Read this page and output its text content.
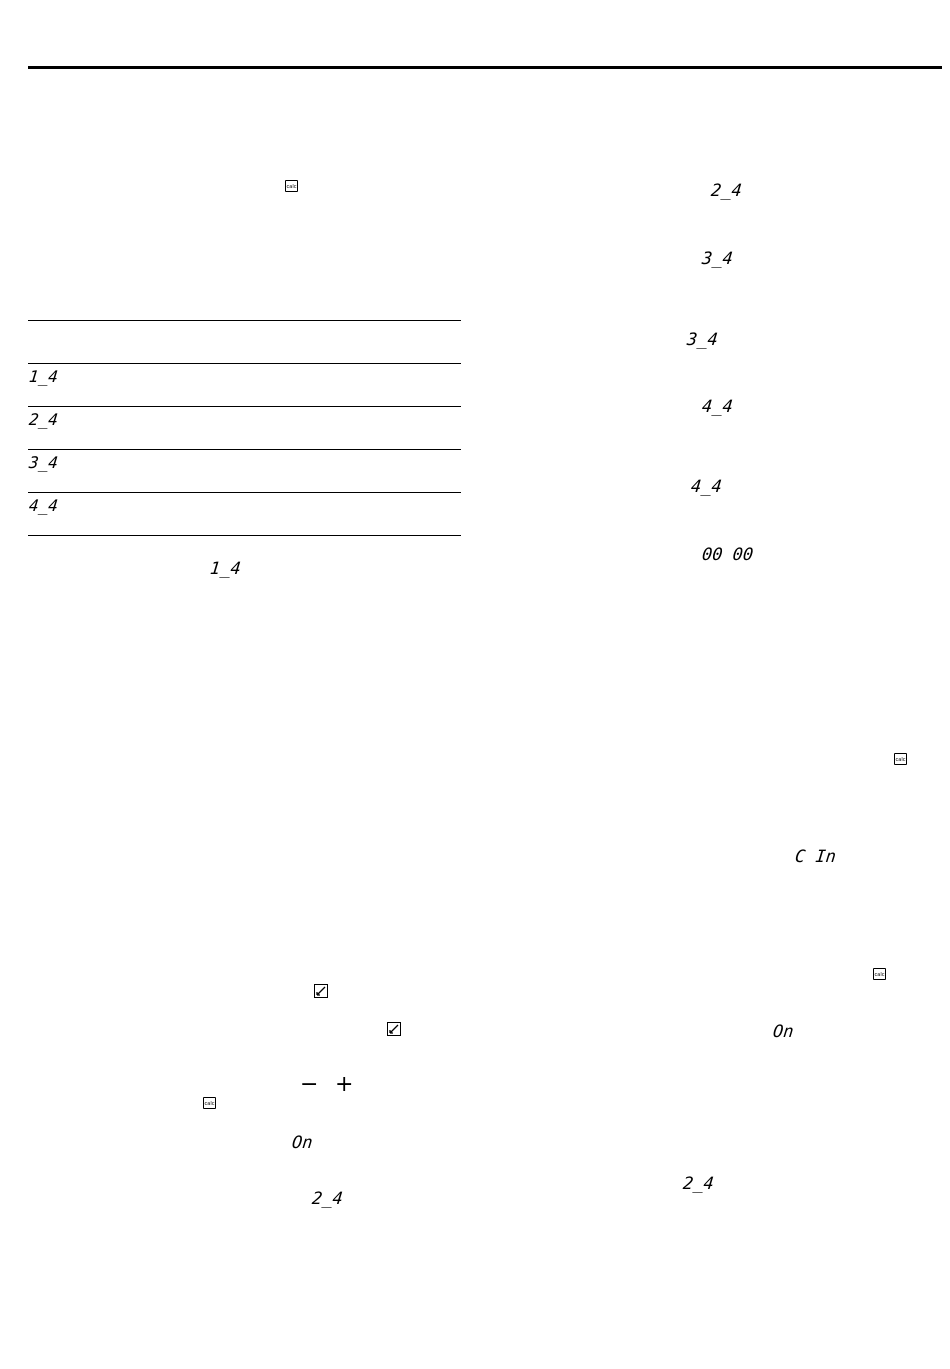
calc

1_4	
2_4	
3_4	
4_4	
1_4
− +
calc
On
2_4
2_4
3_4
3_4
4_4
4_4
00 00
calc
C In
calc
On
2_4
